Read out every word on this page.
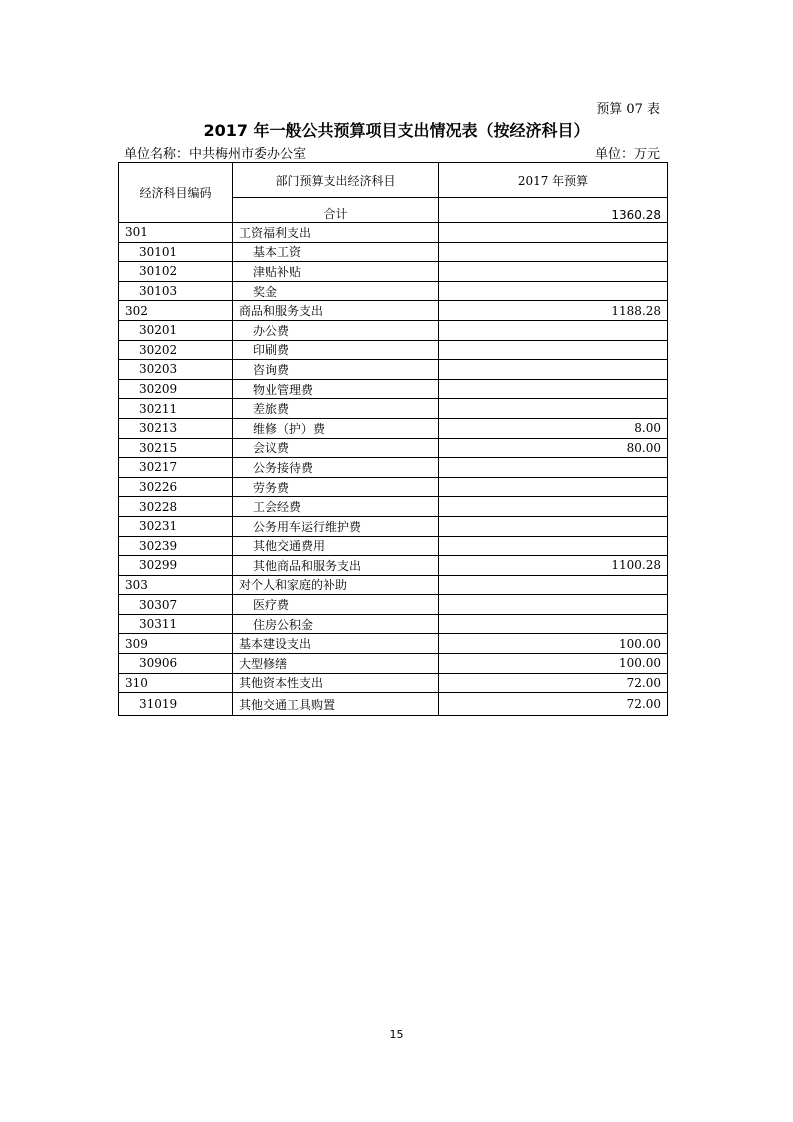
预算 07 表
2017 年一般公共预算项目支出情况表（按经济科目）
单位名称：中共梅州市委办公室	单位：万元
经济科目编码	部门预算支出经济科目	2017 年预算
	合计	1360.28
301	工资福利支出	
30101	基本工资	
30102	津贴补贴	
30103	奖金	
302	商品和服务支出	1188.28
30201	办公费	
30202	印刷费	
30203	咨询费	
30209	物业管理费	
30211	差旅费	
30213	维修（护）费	8.00
30215	会议费	80.00
30217	公务接待费	
30226	劳务费	
30228	工会经费	
30231	公务用车运行维护费	
30239	其他交通费用	
30299	其他商品和服务支出	1100.28
303	对个人和家庭的补助	
30307	医疗费	
30311	住房公积金	
309	基本建设支出	100.00
30906	大型修缮	100.00
310	其他资本性支出	72.00
31019	其他交通工具购置	72.00
15
